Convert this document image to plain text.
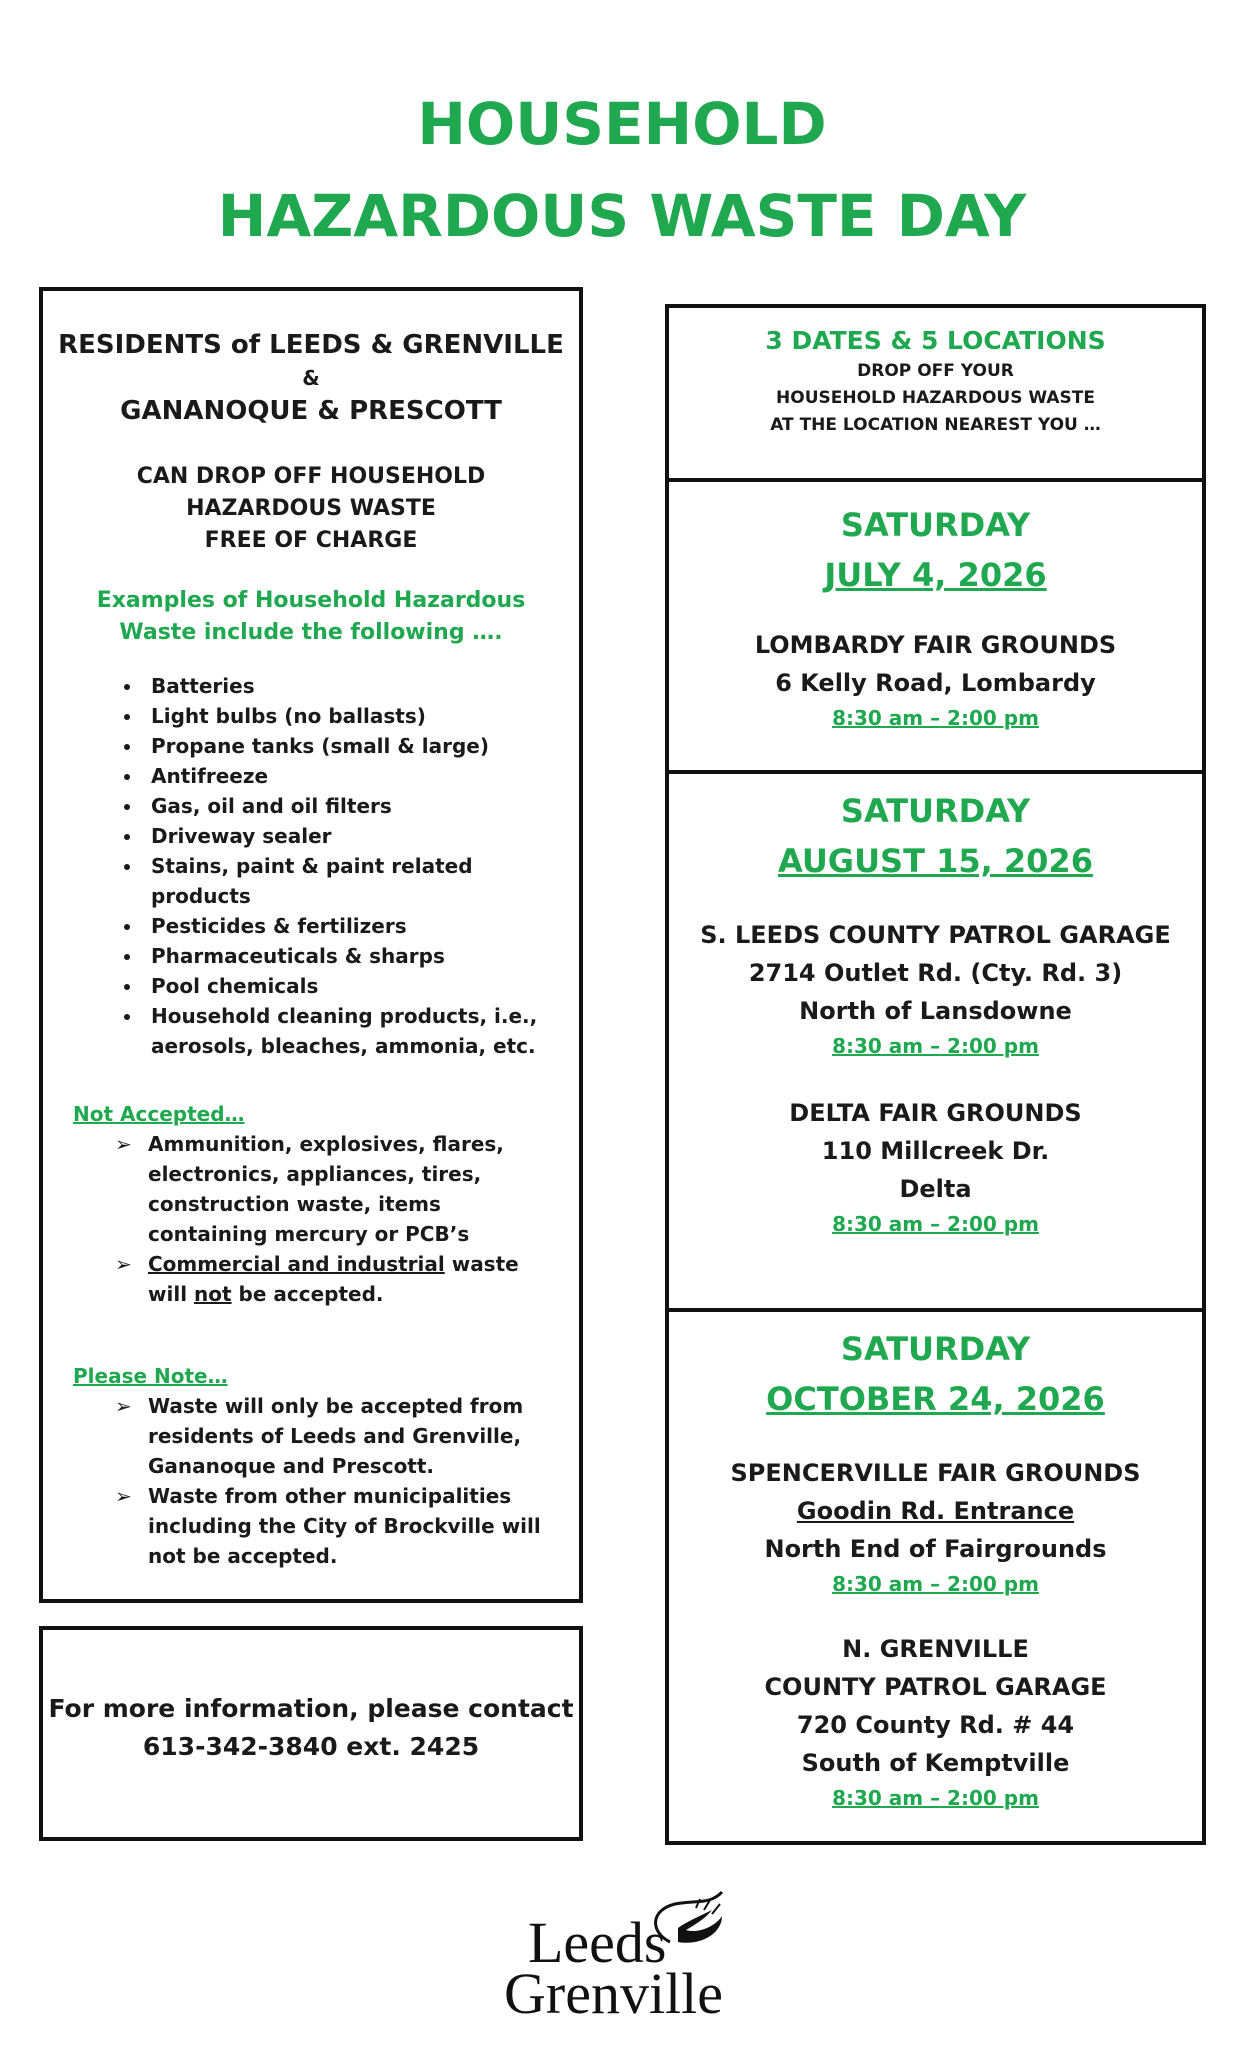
HOUSEHOLD
HAZARDOUS WASTE DAY
RESIDENTS of LEEDS & GRENVILLE
&
GANANOQUE & PRESCOTT
CAN DROP OFF HOUSEHOLD
HAZARDOUS WASTE
FREE OF CHARGE
Examples of Household Hazardous
Waste include the following ….
• Batteries
• Light bulbs (no ballasts)
• Propane tanks (small & large)
• Antifreeze
• Gas, oil and oil filters
• Driveway sealer
• Stains, paint & paint related products
• Pesticides & fertilizers
• Pharmaceuticals & sharps
• Pool chemicals
• Household cleaning products, i.e., aerosols, bleaches, ammonia, etc.
Not Accepted…
➢ Ammunition, explosives, flares, electronics, appliances, tires, construction waste, items containing mercury or PCB’s
➢ Commercial and industrial waste will not be accepted.
Please Note…
➢ Waste will only be accepted from residents of Leeds and Grenville, Gananoque and Prescott.
➢ Waste from other municipalities including the City of Brockville will not be accepted.
For more information, please contact
613-342-3840 ext. 2425
3 DATES & 5 LOCATIONS
DROP OFF YOUR
HOUSEHOLD HAZARDOUS WASTE
AT THE LOCATION NEAREST YOU …
SATURDAY
JULY 4, 2026
LOMBARDY FAIR GROUNDS
6 Kelly Road, Lombardy
8:30 am – 2:00 pm
SATURDAY
AUGUST 15, 2026
S. LEEDS COUNTY PATROL GARAGE
2714 Outlet Rd. (Cty. Rd. 3)
North of Lansdowne
8:30 am – 2:00 pm
DELTA FAIR GROUNDS
110 Millcreek Dr.
Delta
8:30 am – 2:00 pm
SATURDAY
OCTOBER 24, 2026
SPENCERVILLE FAIR GROUNDS
Goodin Rd. Entrance
North End of Fairgrounds
8:30 am – 2:00 pm
N. GRENVILLE
COUNTY PATROL GARAGE
720 County Rd. # 44
South of Kemptville
8:30 am – 2:00 pm
Leeds
Grenville
